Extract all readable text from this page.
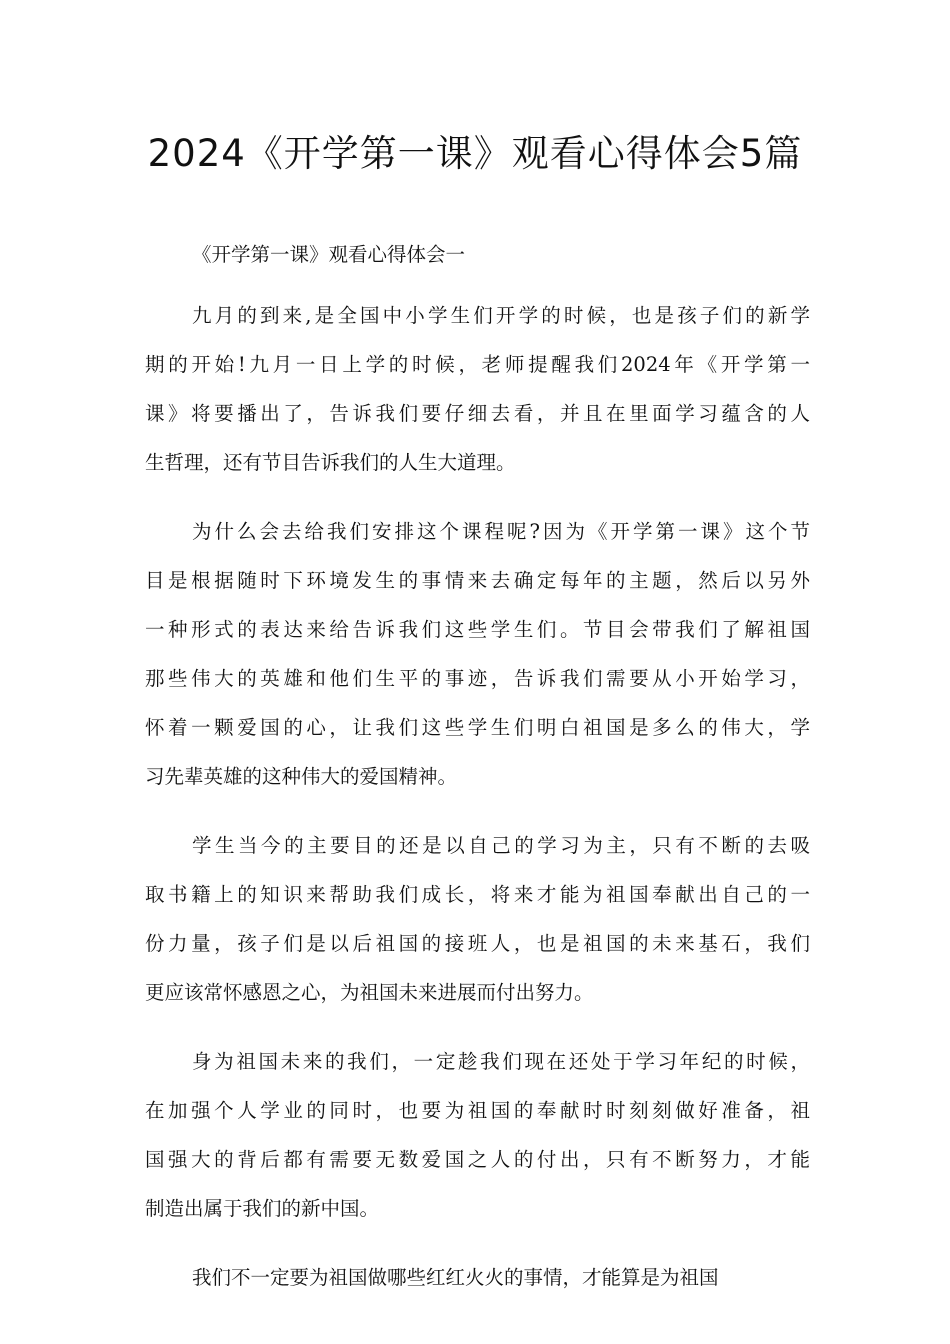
2024《开学第一课》观看心得体会5篇

《开学第一课》观看心得体会一

九月的到来,是全国中小学生们开学的时候，也是孩子们的新学
期的开始!九月一日上学的时候，老师提醒我们2024年《开学第一
课》将要播出了，告诉我们要仔细去看，并且在里面学习蕴含的人
生哲理，还有节目告诉我们的人生大道理。

为什么会去给我们安排这个课程呢?因为《开学第一课》这个节
目是根据随时下环境发生的事情来去确定每年的主题，然后以另外
一种形式的表达来给告诉我们这些学生们。节目会带我们了解祖国
那些伟大的英雄和他们生平的事迹，告诉我们需要从小开始学习，
怀着一颗爱国的心，让我们这些学生们明白祖国是多么的伟大，学
习先辈英雄的这种伟大的爱国精神。

学生当今的主要目的还是以自己的学习为主，只有不断的去吸
取书籍上的知识来帮助我们成长，将来才能为祖国奉献出自己的一
份力量，孩子们是以后祖国的接班人，也是祖国的未来基石，我们
更应该常怀感恩之心，为祖国未来进展而付出努力。

身为祖国未来的我们，一定趁我们现在还处于学习年纪的时候，
在加强个人学业的同时，也要为祖国的奉献时时刻刻做好准备，祖
国强大的背后都有需要无数爱国之人的付出，只有不断努力，才能
制造出属于我们的新中国。

我们不一定要为祖国做哪些红红火火的事情，才能算是为祖国
